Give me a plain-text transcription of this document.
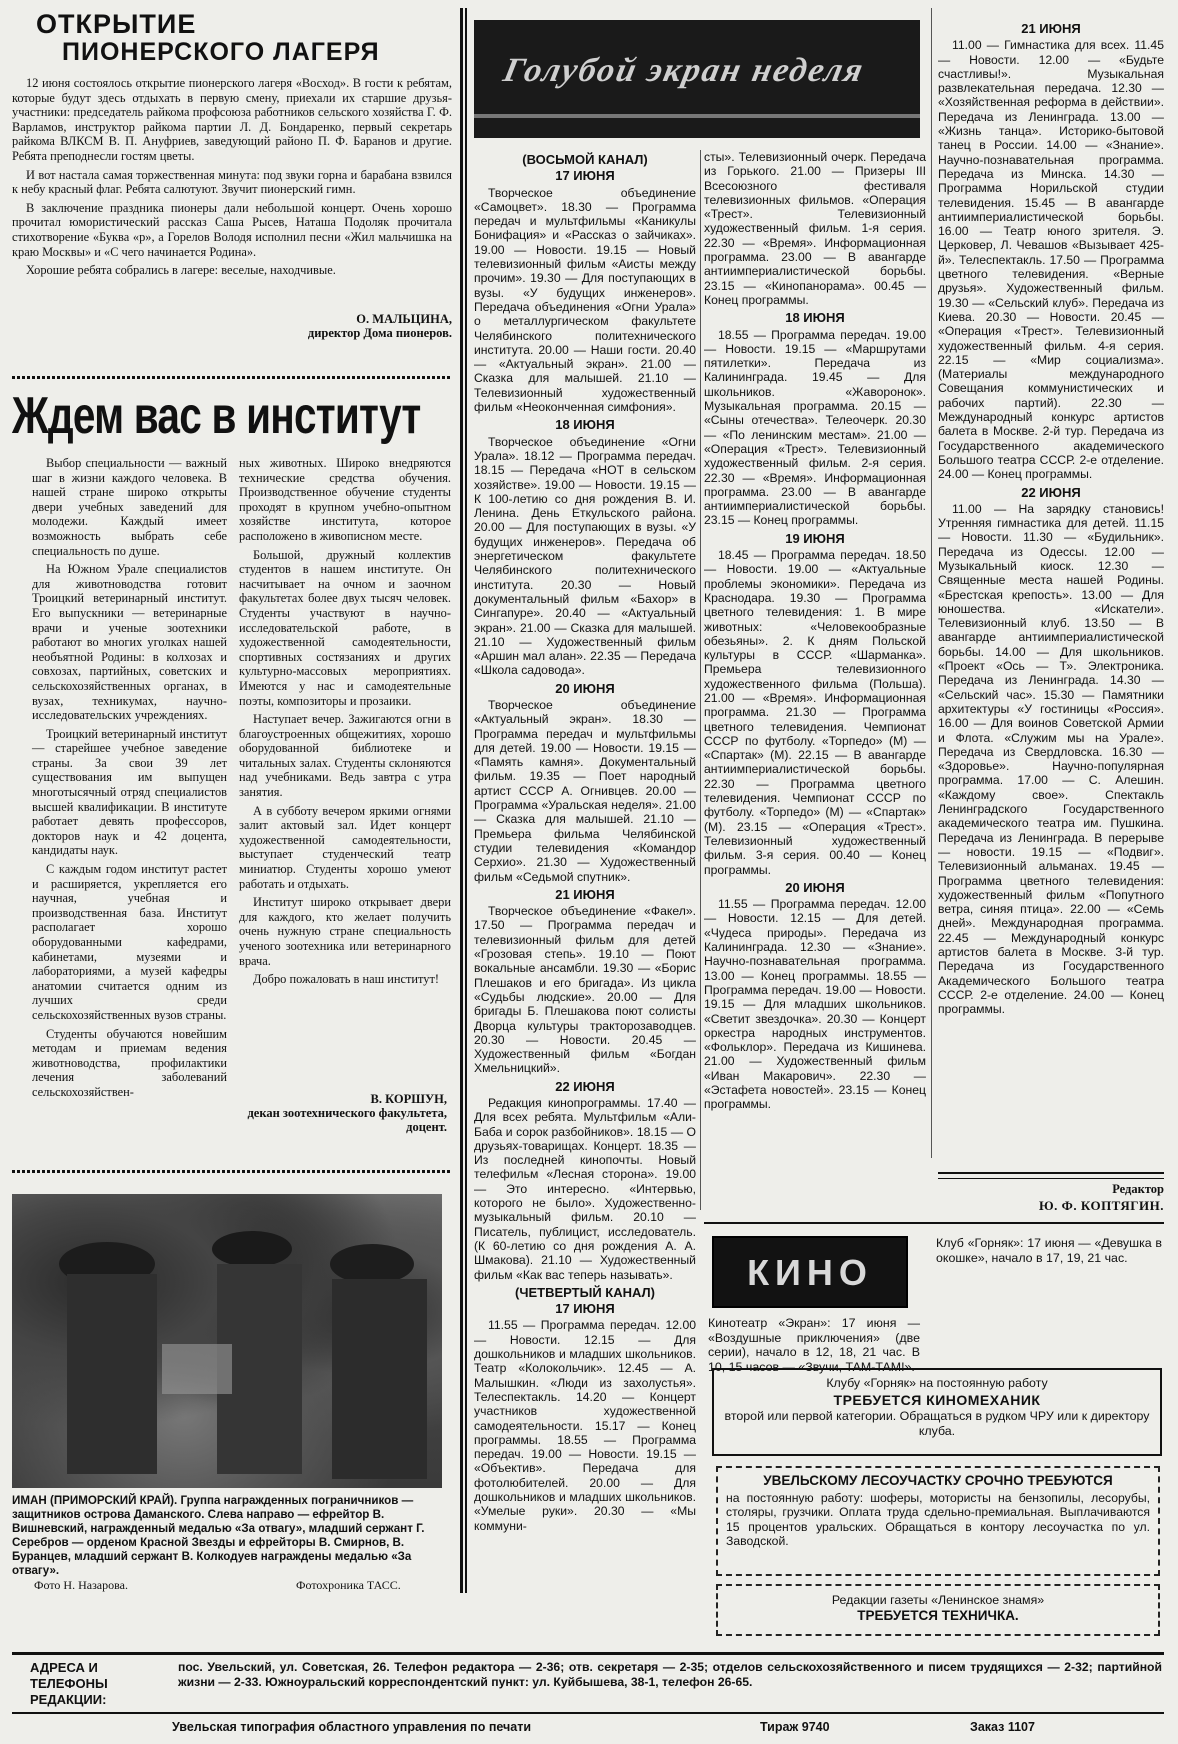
ОТКРЫТИЕ
ПИОНЕРСКОГО ЛАГЕРЯ

12 июня состоялось открытие пионерского лагеря «Восход». В гости к ребятам, которые будут здесь отдыхать в первую смену, приехали их старшие друзья-участники: председатель райкома профсоюза работников сельского хозяйства Г. Ф. Варламов, инструктор райкома партии Л. Д. Бондаренко, первый секретарь райкома ВЛКСМ В. П. Ануфриев, заведующий районо П. Ф. Баранов и другие. Ребята преподнесли гостям цветы.

И вот настала самая торжественная минута: под звуки горна и барабана взвился к небу красный флаг. Ребята салютуют. Звучит пионерский гимн.

В заключение праздника пионеры дали небольшой концерт. Очень хорошо прочитал юмористический рассказ Саша Рысев, Наташа Подоляк прочитала стихотворение «Буква «р», а Горелов Володя исполнил песни «Жил мальчишка на краю Москвы» и «С чего начинается Родина».

Хорошие ребята собрались в лагере: веселые, находчивые.

О. МАЛЬЦИНА,
директор Дома пионеров.
Ждем вас в институт

Выбор специальности — важный шаг в жизни каждого человека. В нашей стране широко открыты двери учебных заведений для молодежи. Каждый имеет возможность выбрать себе специальность по душе.

На Южном Урале специалистов для животноводства готовит Троицкий ветеринарный институт. Его выпускники — ветеринарные врачи и ученые зоотехники работают во многих уголках нашей необъятной Родины: в колхозах и совхозах, партийных, советских и сельскохозяйственных органах, в вузах, техникумах, научно-исследовательских учреждениях.

Троицкий ветеринарный институт — старейшее учебное заведение страны. За свои 39 лет существования им выпущен многотысячный отряд специалистов высшей квалификации. В институте работает девять профессоров, докторов наук и 42 доцента, кандидаты наук.

С каждым годом институт растет и расширяется, укрепляется его научная, учебная и производственная база. Институт располагает хорошо оборудованными кафедрами, кабинетами, музеями и лабораториями, а музей кафедры анатомии считается одним из лучших среди сельскохозяйственных вузов страны.

Студенты обучаются новейшим методам и приемам ведения животноводства, профилактики лечения заболеваний сельскохозяйствен-

ных животных. Широко внедряются технические средства обучения. Производственное обучение студенты проходят в крупном учебно-опытном хозяйстве института, которое расположено в живописном месте.

Большой, дружный коллектив студентов в нашем институте. Он насчитывает на очном и заочном факультетах более двух тысяч человек. Студенты участвуют в научно-исследовательской работе, в художественной самодеятельности, спортивных состязаниях и других культурно-массовых мероприятиях. Имеются у нас и самодеятельные поэты, композиторы и прозаики.

Наступает вечер. Зажигаются огни в благоустроенных общежитиях, хорошо оборудованной библиотеке и читальных залах. Студенты склоняются над учебниками. Ведь завтра с утра занятия.

А в субботу вечером яркими огнями залит актовый зал. Идет концерт художественной самодеятельности, выступает студенческий театр миниатюр. Студенты хорошо умеют работать и отдыхать.

Институт широко открывает двери для каждого, кто желает получить очень нужную стране специальность ученого зоотехника или ветеринарного врача.

Добро пожаловать в наш институт!

В. КОРШУН,
декан зоотехнического факультета, доцент.
ИМАН (ПРИМОРСКИЙ КРАЙ). Группа награжденных пограничников — защитников острова Даманского. Слева направо — ефрейтор В. Вишневский, награжденный медалью «За отвагу», младший сержант Г. Серебров — орденом Красной Звезды и ефрейторы В. Смирнов, В. Буранцев, младший сержант В. Колкодуев награждены медалью «За отвагу».
Фото Н. Назарова.	Фотохроника ТАСС.
Голубой экран неделя
(ВОСЬМОЙ КАНАЛ)
17 ИЮНЯ

Творческое объединение «Самоцвет». 18.30 — Программа передач и мультфильмы «Каникулы Бонифация» и «Рассказ о зайчиках». 19.00 — Новости. 19.15 — Новый телевизионный фильм «Аисты между прочим». 19.30 — Для поступающих в вузы. «У будущих инженеров». Передача объединения «Огни Урала» о металлургическом факультете Челябинского политехнического института. 20.00 — Наши гости. 20.40 — «Актуальный экран». 21.00 — Сказка для малышей. 21.10 — Телевизионный художественный фильм «Неоконченная симфония».

18 ИЮНЯ

Творческое объединение «Огни Урала». 18.12 — Программа передач. 18.15 — Передача «НОТ в сельском хозяйстве». 19.00 — Новости. 19.15 — К 100-летию со дня рождения В. И. Ленина. День Еткульского района. 20.00 — Для поступающих в вузы. «У будущих инженеров». Передача об энергетическом факультете Челябинского политехнического института. 20.30 — Новый документальный фильм «Бахор» в Сингапуре». 20.40 — «Актуальный экран». 21.00 — Сказка для малышей. 21.10 — Художественный фильм «Аршин мал алан». 22.35 — Передача «Школа садовода».

20 ИЮНЯ

Творческое объединение «Актуальный экран». 18.30 — Программа передач и мультфильмы для детей. 19.00 — Новости. 19.15 — «Память камня». Документальный фильм. 19.35 — Поет народный артист СССР А. Огнивцев. 20.00 — Программа «Уральская неделя». 21.00 — Сказка для малышей. 21.10 — Премьера фильма Челябинской студии телевидения «Командор Серхио». 21.30 — Художественный фильм «Седьмой спутник».

21 ИЮНЯ

Творческое объединение «Факел». 17.50 — Программа передач и телевизионный фильм для детей «Грозовая степь». 19.10 — Поют вокальные ансамбли. 19.30 — «Борис Плешаков и его бригада». Из цикла «Судьбы людские». 20.00 — Для бригады Б. Плешакова поют солисты Дворца культуры тракторозаводцев. 20.30 — Новости. 20.45 — Художественный фильм «Богдан Хмельницкий».

22 ИЮНЯ

Редакция кинопрограммы. 17.40 — Для всех ребята. Мультфильм «Али-Баба и сорок разбойников». 18.15 — О друзьях-товарищах. Концерт. 18.35 — Из последней кинопочты. Новый телефильм «Лесная сторона». 19.00 — Это интересно. «Интервью, которого не было». Художественно-музыкальный фильм. 20.10 — Писатель, публицист, исследователь. (К 60-летию со дня рождения А. А. Шмакова). 21.10 — Художественный фильм «Как вас теперь называть».

(ЧЕТВЕРТЫЙ КАНАЛ)
17 ИЮНЯ

11.55 — Программа передач. 12.00 — Новости. 12.15 — Для дошкольников и младших школьников. Театр «Колокольчик». 12.45 — А. Малышкин. «Люди из захолустья». Телеспектакль. 14.20 — Концерт участников художественной самодеятельности. 15.17 — Конец программы. 18.55 — Программа передач. 19.00 — Новости. 19.15 — «Объектив». Передача для фотолюбителей. 20.00 — Для дошкольников и младших школьников. «Умелые руки». 20.30 — «Мы коммуни-

сты». Телевизионный очерк. Передача из Горького. 21.00 — Призеры III Всесоюзного фестиваля телевизионных фильмов. «Операция «Трест». Телевизионный художественный фильм. 1-я серия. 22.30 — «Время». Информационная программа. 23.00 — В авангарде антиимпериалистической борьбы. 23.15 — «Кинопанорама». 00.45 — Конец программы.

18 ИЮНЯ

18.55 — Программа передач. 19.00 — Новости. 19.15 — «Маршрутами пятилетки». Передача из Калининграда. 19.45 — Для школьников. «Жаворонок». Музыкальная программа. 20.15 — «Сыны отечества». Телеочерк. 20.30 — «По ленинским местам». 21.00 — «Операция «Трест». Телевизионный художественный фильм. 2-я серия. 22.30 — «Время». Информационная программа. 23.00 — В авангарде антиимпериалистической борьбы. 23.15 — Конец программы.

19 ИЮНЯ

18.45 — Программа передач. 18.50 — Новости. 19.00 — «Актуальные проблемы экономики». Передача из Краснодара. 19.30 — Программа цветного телевидения: 1. В мире животных: «Человекообразные обезьяны». 2. К дням Польской культуры в СССР. «Шарманка». Премьера телевизионного художественного фильма (Польша). 21.00 — «Время». Информационная программа. 21.30 — Программа цветного телевидения. Чемпионат СССР по футболу. «Торпедо» (М) — «Спартак» (М). 22.15 — В авангарде антиимпериалистической борьбы. 22.30 — Программа цветного телевидения. Чемпионат СССР по футболу. «Торпедо» (М) — «Спартак» (М). 23.15 — «Операция «Трест». Телевизионный художественный фильм. 3-я серия. 00.40 — Конец программы.

20 ИЮНЯ

11.55 — Программа передач. 12.00 — Новости. 12.15 — Для детей. «Чудеса природы». Передача из Калининграда. 12.30 — «Знание». Научно-познавательная программа. 13.00 — Конец программы. 18.55 — Программа передач. 19.00 — Новости. 19.15 — Для младших школьников. «Светит звездочка». 20.30 — Концерт оркестра народных инструментов. «Фольклор». Передача из Кишинева. 21.00 — Художественный фильм «Иван Макарович». 22.30 — «Эстафета новостей». 23.15 — Конец программы.

21 ИЮНЯ

11.00 — Гимнастика для всех. 11.45 — Новости. 12.00 — «Будьте счастливы!». Музыкальная развлекательная передача. 12.30 — «Хозяйственная реформа в действии». Передача из Ленинграда. 13.00 — «Жизнь танца». Историко-бытовой танец в России. 14.00 — «Знание». Научно-познавательная программа. Передача из Минска. 14.30 — Программа Норильской студии телевидения. 15.45 — В авангарде антиимпериалистической борьбы. 16.00 — Театр юного зрителя. Э. Церковер, Л. Чевашов «Вызывает 425-й». Телеспектакль. 17.50 — Программа цветного телевидения. «Верные друзья». Художественный фильм. 19.30 — «Сельский клуб». Передача из Киева. 20.30 — Новости. 20.45 — «Операция «Трест». Телевизионный художественный фильм. 4-я серия. 22.15 — «Мир социализма». (Материалы международного Совещания коммунистических и рабочих партий). 22.30 — Международный конкурс артистов балета в Москве. 2-й тур. Передача из Государственного академического Большого театра СССР. 2-е отделение. 24.00 — Конец программы.

22 ИЮНЯ

11.00 — На зарядку становись! Утренняя гимнастика для детей. 11.15 — Новости. 11.30 — «Будильник». Передача из Одессы. 12.00 — Музыкальный киоск. 12.30 — Священные места нашей Родины. «Брестская крепость». 13.00 — Для юношества. «Искатели». Телевизионный клуб. 13.50 — В авангарде антиимпериалистической борьбы. 14.00 — Для школьников. «Проект «Ось — Т». Электроника. Передача из Ленинграда. 14.30 — «Сельский час». 15.30 — Памятники архитектуры «У гостиницы «Россия». 16.00 — Для воинов Советской Армии и Флота. «Служим мы на Урале». Передача из Свердловска. 16.30 — «Здоровье». Научно-популярная программа. 17.00 — С. Алешин. «Каждому свое». Спектакль Ленинградского Государственного академического театра им. Пушкина. Передача из Ленинграда. В перерыве — новости. 19.15 — «Подвиг». Телевизионный альманах. 19.45 — Программа цветного телевидения: художественный фильм «Попутного ветра, синяя птица». 22.00 — «Семь дней». Международная программа. 22.45 — Международный конкурс артистов балета в Москве. 3-й тур. Передача из Государственного Академического Большого театра СССР. 2-е отделение. 24.00 — Конец программы.

Редактор
Ю. Ф. КОПТЯГИН.
КИНО
Кинотеатр «Экран»: 17 июня — «Воздушные приключения» (две серии), начало в 12, 18, 21 час. В 10, 15 часов — «Звучи, ТАМ-ТАМ!».
Клуб «Горняк»: 17 июня — «Девушка в окошке», начало в 17, 19, 21 час.
Клубу «Горняк» на постоянную работу
ТРЕБУЕТСЯ КИНОМЕХАНИК
второй или первой категории. Обращаться в рудком ЧРУ или к директору клуба.
УВЕЛЬСКОМУ ЛЕСОУЧАСТКУ СРОЧНО ТРЕБУЮТСЯ
на постоянную работу: шоферы, мотористы на бензопилы, лесорубы, столяры, грузчики. Оплата труда сдельно-премиальная. Выплачиваются 15 процентов уральских. Обращаться в контору лесоучастка по ул. Заводской.
Редакции газеты «Ленинское знамя»
ТРЕБУЕТСЯ ТЕХНИЧКА.
АДРЕСА И ТЕЛЕФОНЫ РЕДАКЦИИ:
пос. Увельский, ул. Советская, 26. Телефон редактора — 2-36; отв. секретаря — 2-35; отделов сельскохозяйственного и писем трудящихся — 2-32; партийной жизни — 2-33. Южноуральский корреспондентский пункт: ул. Куйбышева, 38-1, телефон 26-65.
Увельская типография областного управления по печати	Тираж 9740	Заказ 1107
